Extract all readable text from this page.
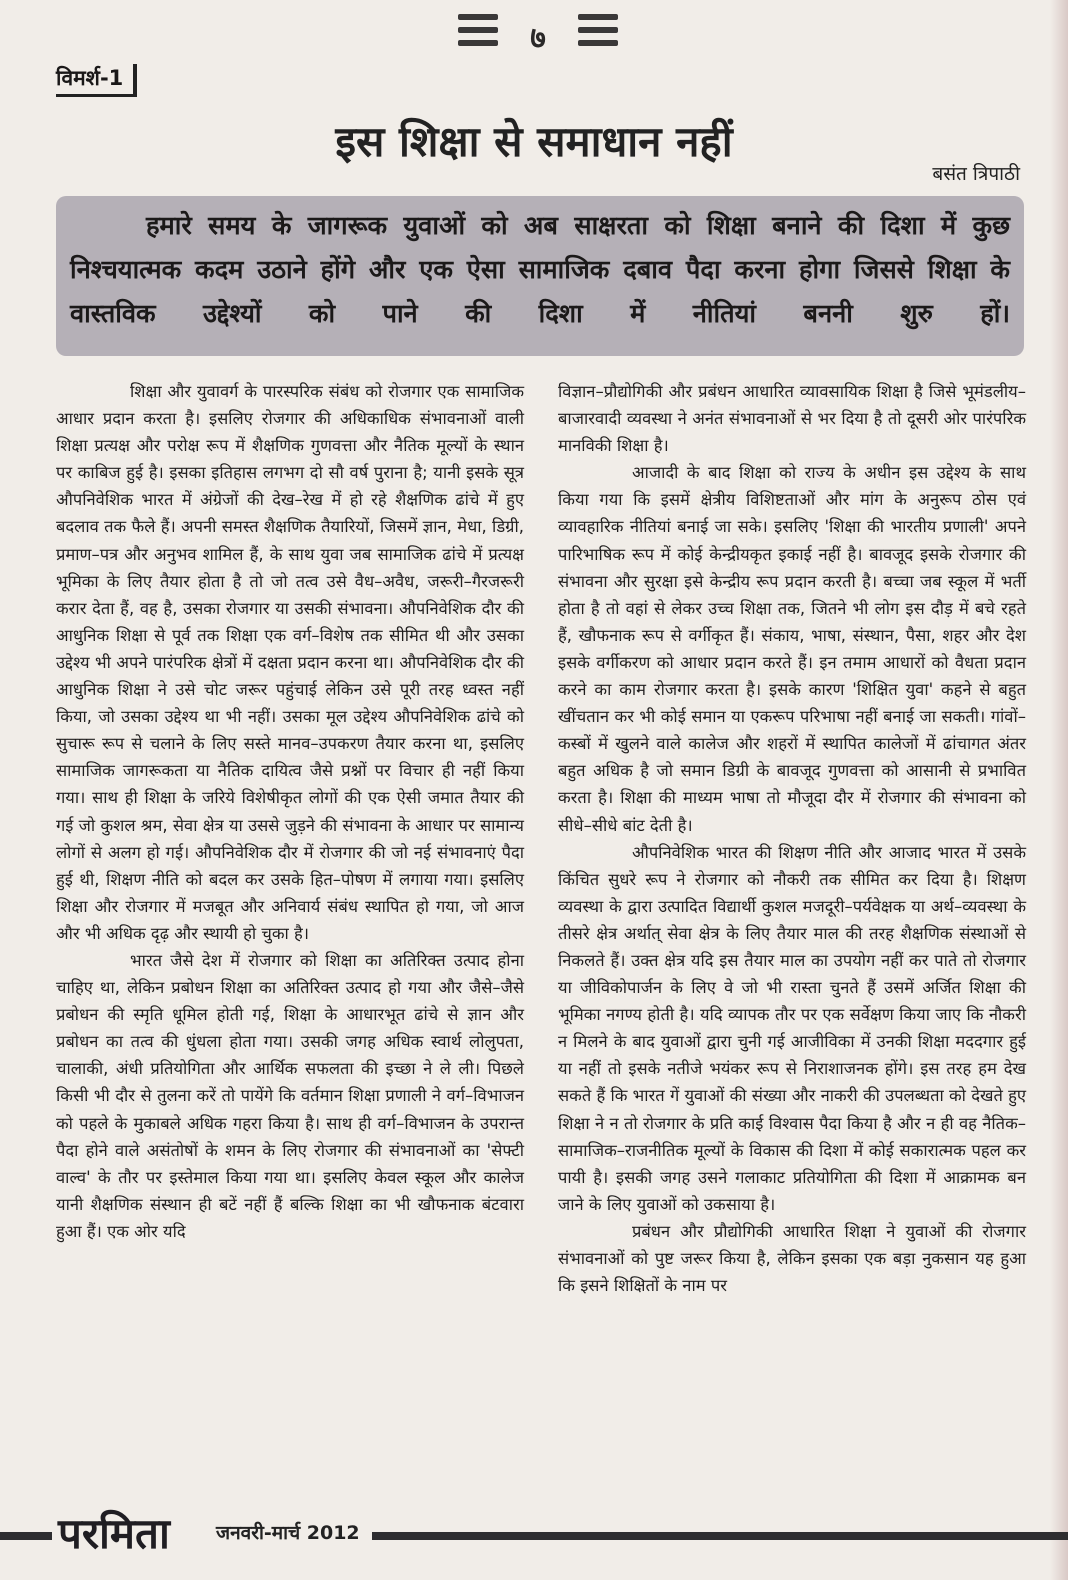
७
विमर्श-1
इस शिक्षा से समाधान नहीं
बसंत त्रिपाठी

हमारे समय के जागरूक युवाओं को अब साक्षरता को शिक्षा बनाने की दिशा में कुछ निश्चयात्मक कदम उठाने होंगे और एक ऐसा सामाजिक दबाव पैदा करना होगा जिससे शिक्षा के वास्तविक उद्देश्यों को पाने की दिशा में नीतियां बननी शुरु हों।

शिक्षा और युवावर्ग के पारस्परिक संबंध को रोजगार एक सामाजिक आधार प्रदान करता है। इसलिए रोजगार की अधिकाधिक संभावनाओं वाली शिक्षा प्रत्यक्ष और परोक्ष रूप में शैक्षणिक गुणवत्ता और नैतिक मूल्यों के स्थान पर काबिज हुई है। इसका इतिहास लगभग दो सौ वर्ष पुराना है; यानी इसके सूत्र औपनिवेशिक भारत में अंग्रेजों की देख–रेख में हो रहे शैक्षणिक ढांचे में हुए बदलाव तक फैले हैं। अपनी समस्त शैक्षणिक तैयारियों, जिसमें ज्ञान, मेधा, डिग्री, प्रमाण–पत्र और अनुभव शामिल हैं, के साथ युवा जब सामाजिक ढांचे में प्रत्यक्ष भूमिका के लिए तैयार होता है तो जो तत्व उसे वैध–अवैध, जरूरी–गैरजरूरी करार देता हैं, वह है, उसका रोजगार या उसकी संभावना। औपनिवेशिक दौर की आधुनिक शिक्षा से पूर्व तक शिक्षा एक वर्ग–विशेष तक सीमित थी और उसका उद्देश्य भी अपने पारंपरिक क्षेत्रों में दक्षता प्रदान करना था। औपनिवेशिक दौर की आधुनिक शिक्षा ने उसे चोट जरूर पहुंचाई लेकिन उसे पूरी तरह ध्वस्त नहीं किया, जो उसका उद्देश्य था भी नहीं। उसका मूल उद्देश्य औपनिवेशिक ढांचे को सुचारू रूप से चलाने के लिए सस्ते मानव–उपकरण तैयार करना था, इसलिए सामाजिक जागरूकता या नैतिक दायित्व जैसे प्रश्नों पर विचार ही नहीं किया गया। साथ ही शिक्षा के जरिये विशेषीकृत लोगों की एक ऐसी जमात तैयार की गई जो कुशल श्रम, सेवा क्षेत्र या उससे जुड़ने की संभावना के आधार पर सामान्य लोगों से अलग हो गई। औपनिवेशिक दौर में रोजगार की जो नई संभावनाएं पैदा हुई थी, शिक्षण नीति को बदल कर उसके हित–पोषण में लगाया गया। इसलिए शिक्षा और रोजगार में मजबूत और अनिवार्य संबंध स्थापित हो गया, जो आज और भी अधिक दृढ़ और स्थायी हो चुका है।

भारत जैसे देश में रोजगार को शिक्षा का अतिरिक्त उत्पाद होना चाहिए था, लेकिन प्रबोधन शिक्षा का अतिरिक्त उत्पाद हो गया और जैसे–जैसे प्रबोधन की स्मृति धूमिल होती गई, शिक्षा के आधारभूत ढांचे से ज्ञान और प्रबोधन का तत्व की धुंधला होता गया। उसकी जगह अधिक स्वार्थ लोलुपता, चालाकी, अंधी प्रतियोगिता और आर्थिक सफलता की इच्छा ने ले ली। पिछले किसी भी दौर से तुलना करें तो पायेंगे कि वर्तमान शिक्षा प्रणाली ने वर्ग–विभाजन को पहले के मुकाबले अधिक गहरा किया है। साथ ही वर्ग–विभाजन के उपरान्त पैदा होने वाले असंतोषों के शमन के लिए रोजगार की संभावनाओं का 'सेफ्टी वाल्व' के तौर पर इस्तेमाल किया गया था। इसलिए केवल स्कूल और कालेज यानी शैक्षणिक संस्थान ही बटें नहीं हैं बल्कि शिक्षा का भी खौफनाक बंटवारा हुआ हैं। एक ओर यदि

विज्ञान–प्रौद्योगिकी और प्रबंधन आधारित व्यावसायिक शिक्षा है जिसे भूमंडलीय–बाजारवादी व्यवस्था ने अनंत संभावनाओं से भर दिया है तो दूसरी ओर पारंपरिक मानविकी शिक्षा है।

आजादी के बाद शिक्षा को राज्य के अधीन इस उद्देश्य के साथ किया गया कि इसमें क्षेत्रीय विशिष्टताओं और मांग के अनुरूप ठोस एवं व्यावहारिक नीतियां बनाई जा सके। इसलिए 'शिक्षा की भारतीय प्रणाली' अपने पारिभाषिक रूप में कोई केन्द्रीयकृत इकाई नहीं है। बावजूद इसके रोजगार की संभावना और सुरक्षा इसे केन्द्रीय रूप प्रदान करती है। बच्चा जब स्कूल में भर्ती होता है तो वहां से लेकर उच्च शिक्षा तक, जितने भी लोग इस दौड़ में बचे रहते हैं, खौफनाक रूप से वर्गीकृत हैं। संकाय, भाषा, संस्थान, पैसा, शहर और देश इसके वर्गीकरण को आधार प्रदान करते हैं। इन तमाम आधारों को वैधता प्रदान करने का काम रोजगार करता है। इसके कारण 'शिक्षित युवा' कहने से बहुत खींचतान कर भी कोई समान या एकरूप परिभाषा नहीं बनाई जा सकती। गांवों–कस्बों में खुलने वाले कालेज और शहरों में स्थापित कालेजों में ढांचागत अंतर बहुत अधिक है जो समान डिग्री के बावजूद गुणवत्ता को आसानी से प्रभावित करता है। शिक्षा की माध्यम भाषा तो मौजूदा दौर में रोजगार की संभावना को सीधे–सीधे बांट देती है।

औपनिवेशिक भारत की शिक्षण नीति और आजाद भारत में उसके किंचित सुधरे रूप ने रोजगार को नौकरी तक सीमित कर दिया है। शिक्षण व्यवस्था के द्वारा उत्पादित विद्यार्थी कुशल मजदूरी–पर्यवेक्षक या अर्थ–व्यवस्था के तीसरे क्षेत्र अर्थात् सेवा क्षेत्र के लिए तैयार माल की तरह शैक्षणिक संस्थाओं से निकलते हैं। उक्त क्षेत्र यदि इस तैयार माल का उपयोग नहीं कर पाते तो रोजगार या जीविकोपार्जन के लिए वे जो भी रास्ता चुनते हैं उसमें अर्जित शिक्षा की भूमिका नगण्य होती है। यदि व्यापक तौर पर एक सर्वेक्षण किया जाए कि नौकरी न मिलने के बाद युवाओं द्वारा चुनी गई आजीविका में उनकी शिक्षा मददगार हुई या नहीं तो इसके नतीजे भयंकर रूप से निराशाजनक होंगे। इस तरह हम देख सकते हैं कि भारत गें युवाओं की संख्या और नाकरी की उपलब्धता को देखते हुए शिक्षा ने न तो रोजगार के प्रति काई विश्वास पैदा किया है और न ही वह नैतिक–सामाजिक–राजनीतिक मूल्यों के विकास की दिशा में कोई सकारात्मक पहल कर पायी है। इसकी जगह उसने गलाकाट प्रतियोगिता की दिशा में आक्रामक बन जाने के लिए युवाओं को उकसाया है।

प्रबंधन और प्रौद्योगिकी आधारित शिक्षा ने युवाओं की रोजगार संभावनाओं को पुष्ट जरूर किया है, लेकिन इसका एक बड़ा नुकसान यह हुआ कि इसने शिक्षितों के नाम पर

परमिता जनवरी-मार्च 2012
